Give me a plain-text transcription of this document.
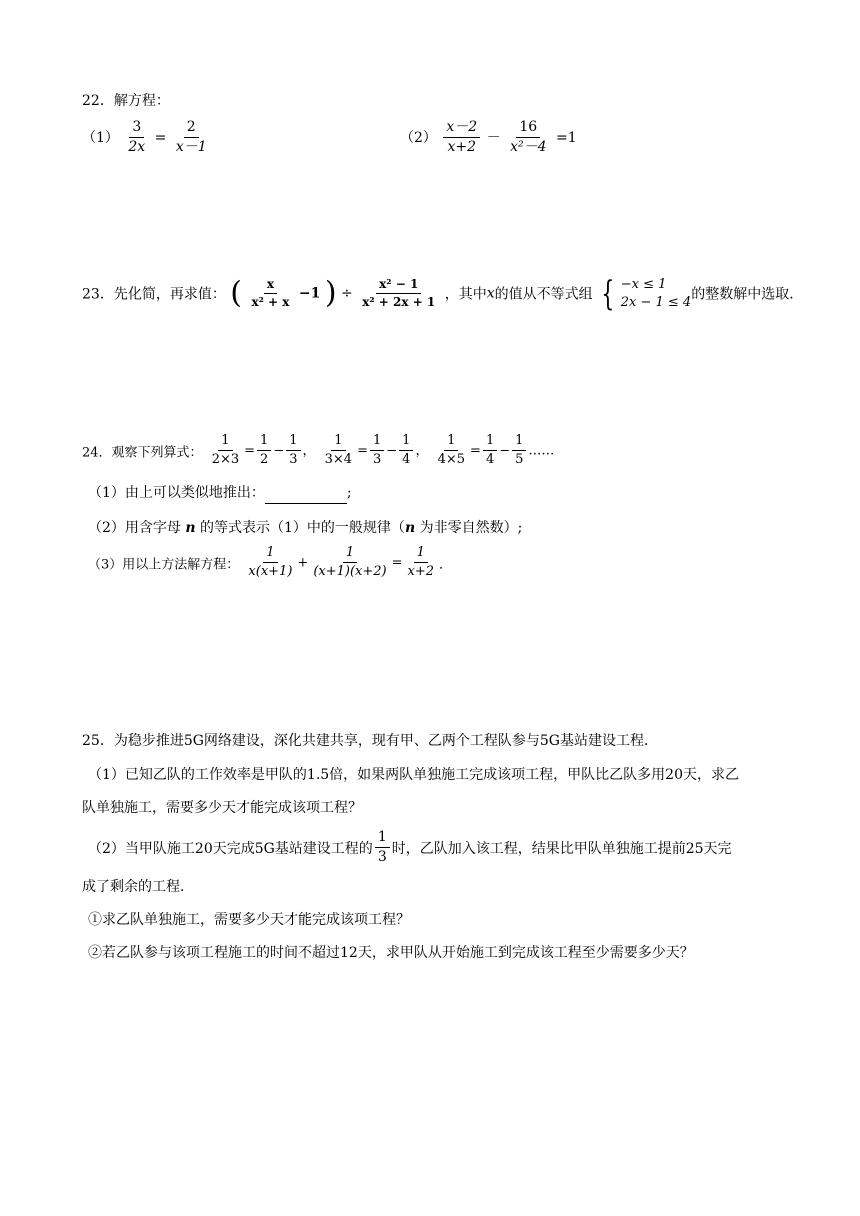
22．解方程：
$(1) \frac{3}{2x} = \frac{2}{x-1}$	$(2) \frac{x-2}{x+2} - \frac{16}{\text{x²－4}} =1$
23．先化简，再求值： ( $\frac{x}{\text{x² + x}} -1$ ) ÷ $\frac{\text{x² − 1}}{\text{x² + 2x + 1}}$ ，其中x的值从不等式组 { −x ≤ 1
2x − 1 ≤ 4 的整数解中选取．
24．观察下列算式： $\frac{1}{2\times 3} = \frac{1}{2} - \frac{1}{3}$ ， $\frac{1}{3\times 4} = \frac{1}{3} - \frac{1}{4}$ ， $\frac{1}{4\times 5} = \frac{1}{4} - \frac{1}{5}$ ……
（1）由上可以类似地推出：	;
（2）用含字母 n 的等式表示（1）中的一般规律（n 为非零自然数）;
（3）用以上方法解方程： $\frac{1}{x(x+1)} + \frac{1}{(x+1)(x+2)} = \frac{1}{x+2}$ ．
25．为稳步推进5G网络建设，深化共建共享，现有甲、乙两个工程队参与5G基站建设工程．
（1）已知乙队的工作效率是甲队的1.5倍，如果两队单独施工完成该项工程，甲队比乙队多用20天，求乙
队单独施工，需要多少天才能完成该项工程？
（2）当甲队施工20天完成5G基站建设工程的 $\frac{1}{3}$ 时，乙队加入该工程，结果比甲队单独施工提前25天完
成了剩余的工程．
①求乙队单独施工，需要多少天才能完成该项工程？
②若乙队参与该项工程施工的时间不超过12天，求甲队从开始施工到完成该工程至少需要多少天？
